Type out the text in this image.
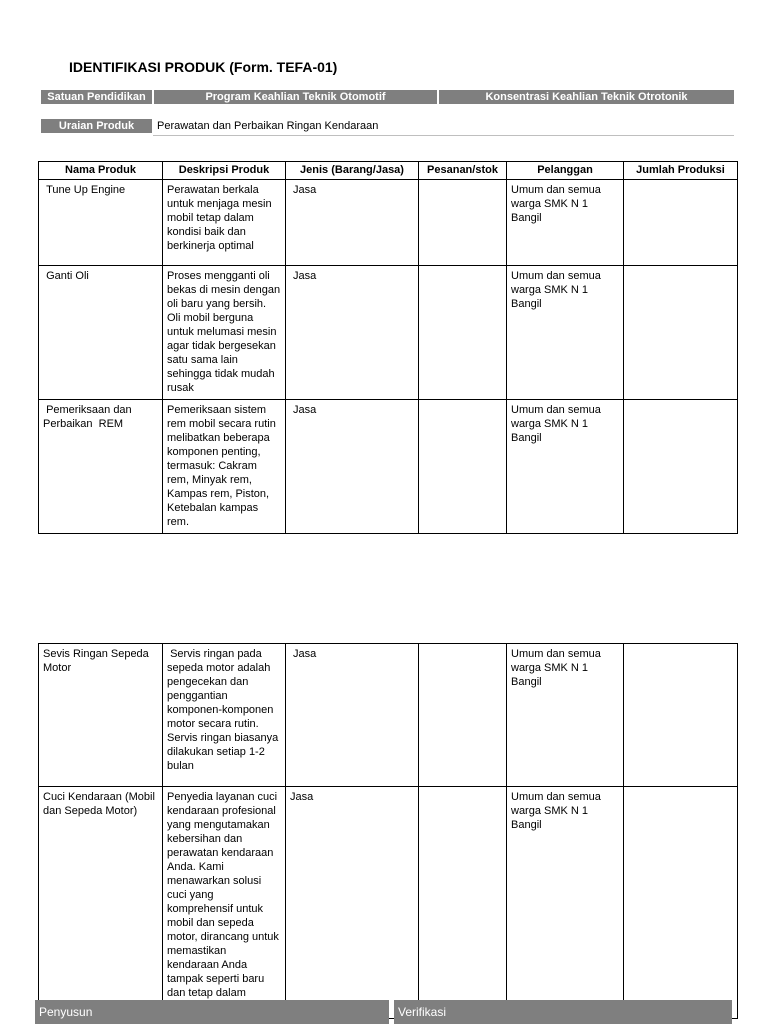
IDENTIFIKASI PRODUK (Form. TEFA-01)
Satuan Pendidikan	Program Keahlian Teknik Otomotif	Konsentrasi Keahlian Teknik Otrotonik
Uraian Produk	Perawatan dan Perbaikan Ringan Kendaraan
Nama Produk	Deskripsi Produk	Jenis (Barang/Jasa)	Pesanan/stok	Pelanggan	Jumlah Produksi
Tune Up Engine	Perawatan berkala untuk menjaga mesin mobil tetap dalam kondisi baik dan berkinerja optimal	Jasa		Umum dan semua warga SMK N 1 Bangil	
Ganti Oli	Proses mengganti oli bekas di mesin dengan oli baru yang bersih. Oli mobil berguna untuk melumasi mesin agar tidak bergesekan satu sama lain sehingga tidak mudah rusak	Jasa		Umum dan semua warga SMK N 1 Bangil	
Pemeriksaan dan Perbaikan  REM	Pemeriksaan sistem rem mobil secara rutin melibatkan beberapa komponen penting, termasuk: Cakram rem, Minyak rem, Kampas rem, Piston, Ketebalan kampas rem.	Jasa		Umum dan semua warga SMK N 1 Bangil	
Sevis Ringan Sepeda Motor	Servis ringan pada sepeda motor adalah pengecekan dan penggantian komponen-komponen motor secara rutin. Servis ringan biasanya dilakukan setiap 1-2 bulan	Jasa		Umum dan semua warga SMK N 1 Bangil	
Cuci Kendaraan (Mobil dan Sepeda Motor)	Penyedia layanan cuci kendaraan profesional yang mengutamakan kebersihan dan perawatan kendaraan Anda. Kami menawarkan solusi cuci yang komprehensif untuk mobil dan sepeda motor, dirancang untuk memastikan kendaraan Anda tampak seperti baru dan tetap dalam	Jasa		Umum dan semua warga SMK N 1 Bangil	
Penyusun	Verifikasi
